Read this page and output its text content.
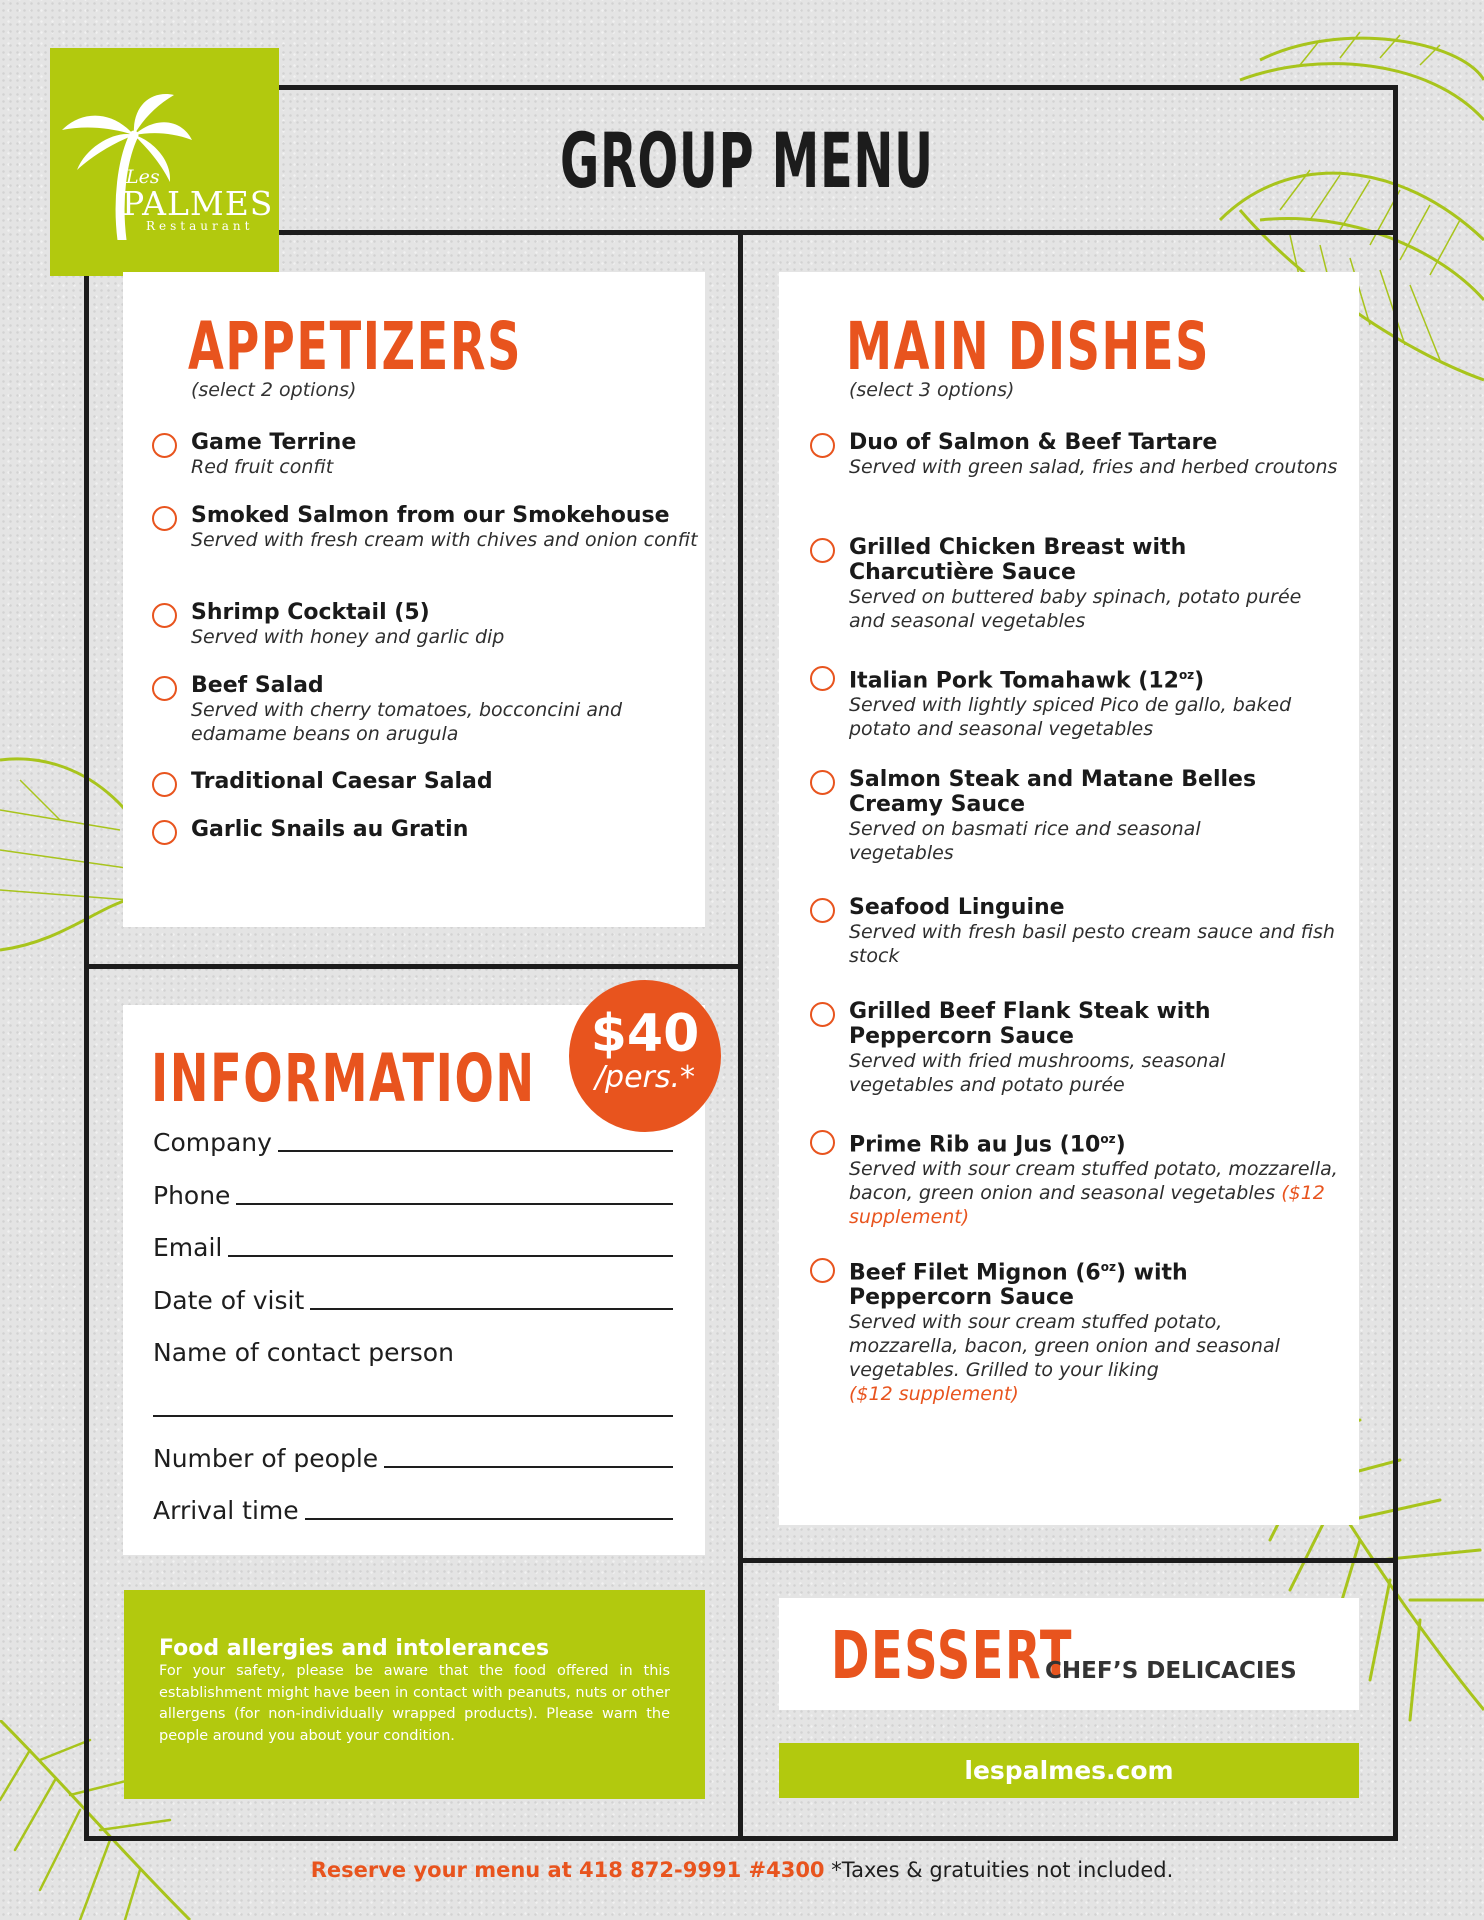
Les
PALMES
Restaurant
GROUP MENU
APPETIZERS
(select 2 options)
Game Terrine
Red fruit confit
Smoked Salmon from our Smokehouse
Served with fresh cream with chives and onion confit
Shrimp Cocktail (5)
Served with honey and garlic dip
Beef Salad
Served with cherry tomatoes, bocconcini and edamame beans on arugula
Traditional Caesar Salad
Garlic Snails au Gratin
MAIN DISHES
(select 3 options)
Duo of Salmon & Beef Tartare
Served with green salad, fries and herbed croutons
Grilled Chicken Breast with Charcutière Sauce
Served on buttered baby spinach, potato purée and seasonal vegetables
Italian Pork Tomahawk $(12^{oz})$
Served with lightly spiced Pico de gallo, baked potato and seasonal vegetables
Salmon Steak and Matane Belles Creamy Sauce
Served on basmati rice and seasonal vegetables
Seafood Linguine
Served with fresh basil pesto cream sauce and fish stock
Grilled Beef Flank Steak with Peppercorn Sauce
Served with fried mushrooms, seasonal vegetables and potato purée
Prime Rib au Jus $(10^{oz})$
Served with sour cream stuffed potato, mozzarella, bacon, green onion and seasonal vegetables ($12 supplement)
Beef Filet Mignon $(6^{oz})$ with Peppercorn Sauce
Served with sour cream stuffed potato, mozzarella, bacon, green onion and seasonal vegetables. Grilled to your liking
($12 supplement)
INFORMATION
$40
/pers.*
Company
Phone
Email
Date of visit
Name of contact person
Number of people
Arrival time
Food allergies and intolerances
For your safety, please be aware that the food offered in this establishment might have been in contact with peanuts, nuts or other allergens (for non-individually wrapped products). Please warn the people around you about your condition.
DESSERT
CHEF’S DELICACIES
lespalmes.com
Reserve your menu at 418 872-9991 #4300 *Taxes & gratuities not included.
